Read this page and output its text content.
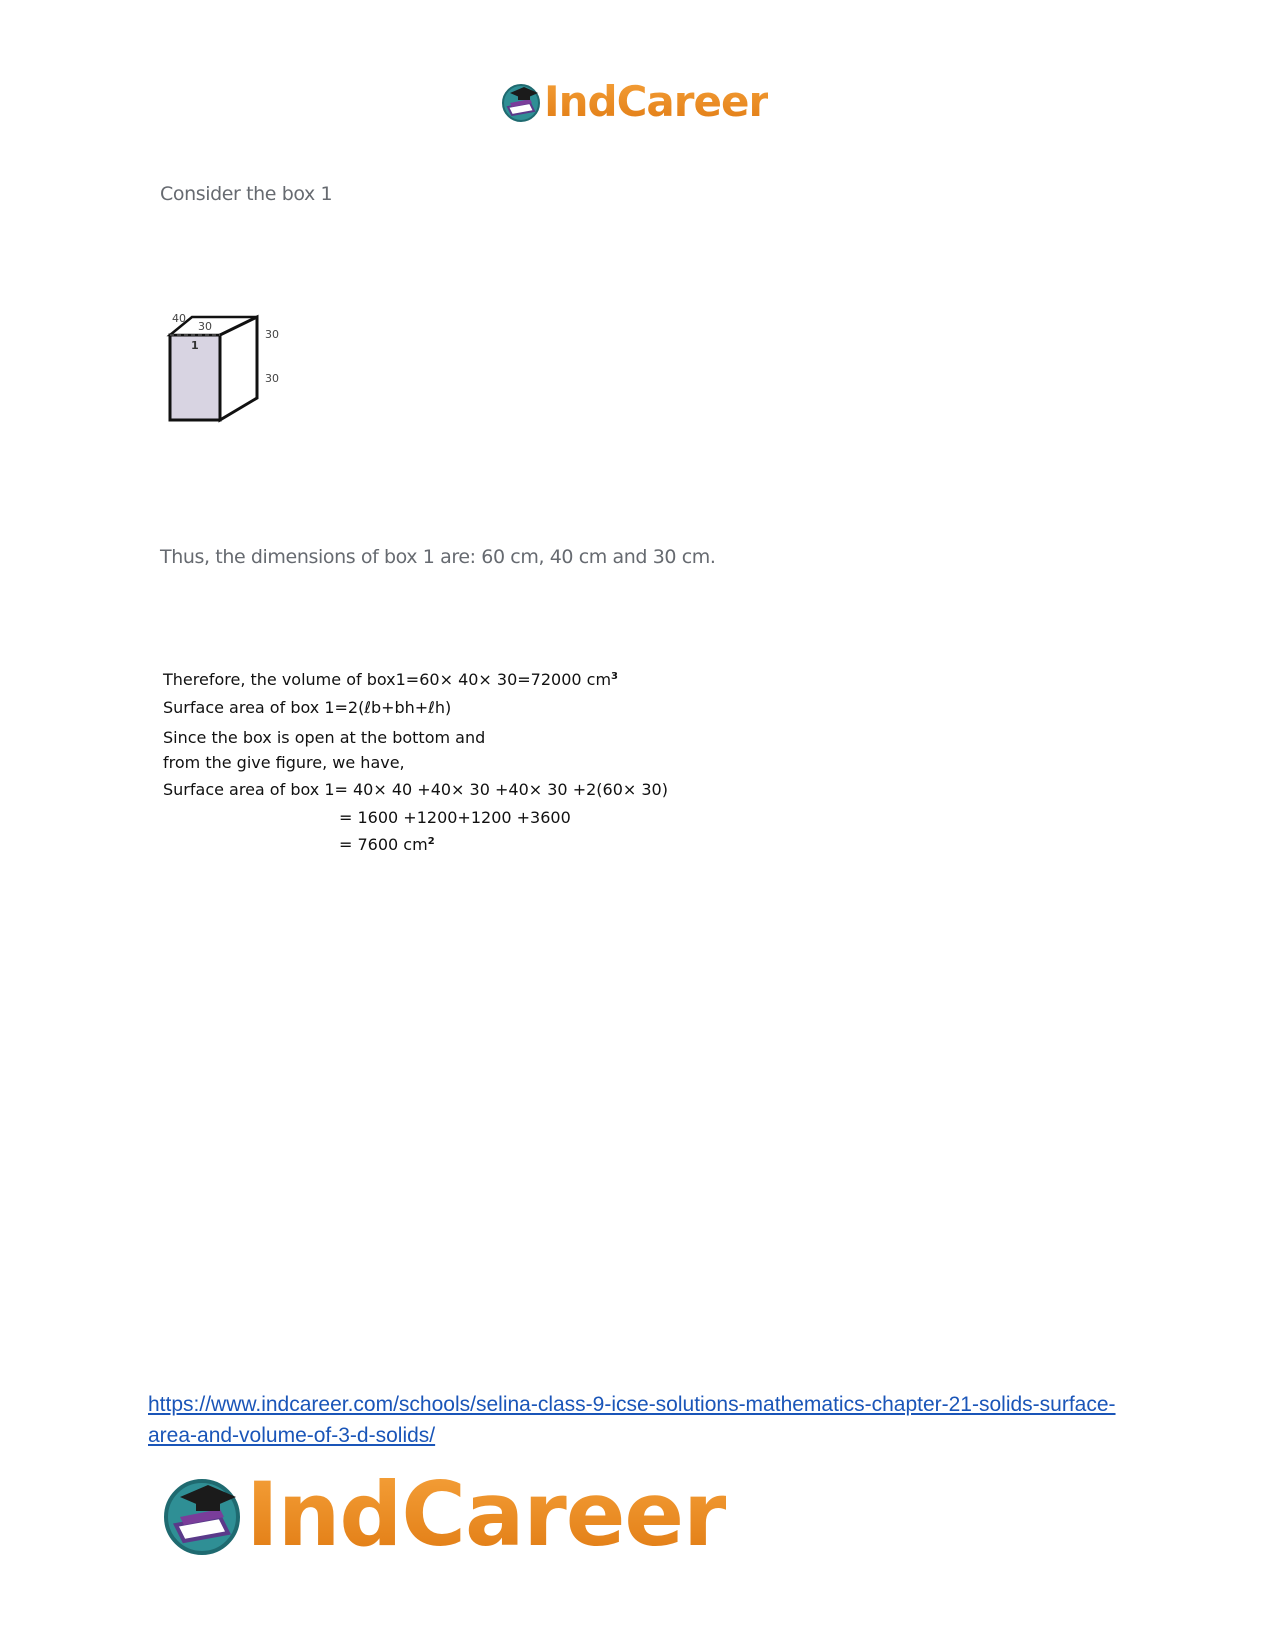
IndCareer
Consider the box 1
40
30
1
30
30
Thus, the dimensions of box 1 are: 60 cm, 40 cm and 30 cm.
Therefore, the volume of box1=60× 40× 30=72000 $cm^3$
Surface area of box 1=2(ℓb+bh+ℓh)
Since the box is open at the bottom and
from the give figure, we have,
Surface area of box 1= 40× 40 +40× 30 +40× 30 +2(60× 30)
= 1600 +1200+1200 +3600
= 7600 $cm^2$
https://www.indcareer.com/schools/selina-class-9-icse-solutions-mathematics-chapter-21-solids-surface-area-and-volume-of-3-d-solids/
IndCareer
